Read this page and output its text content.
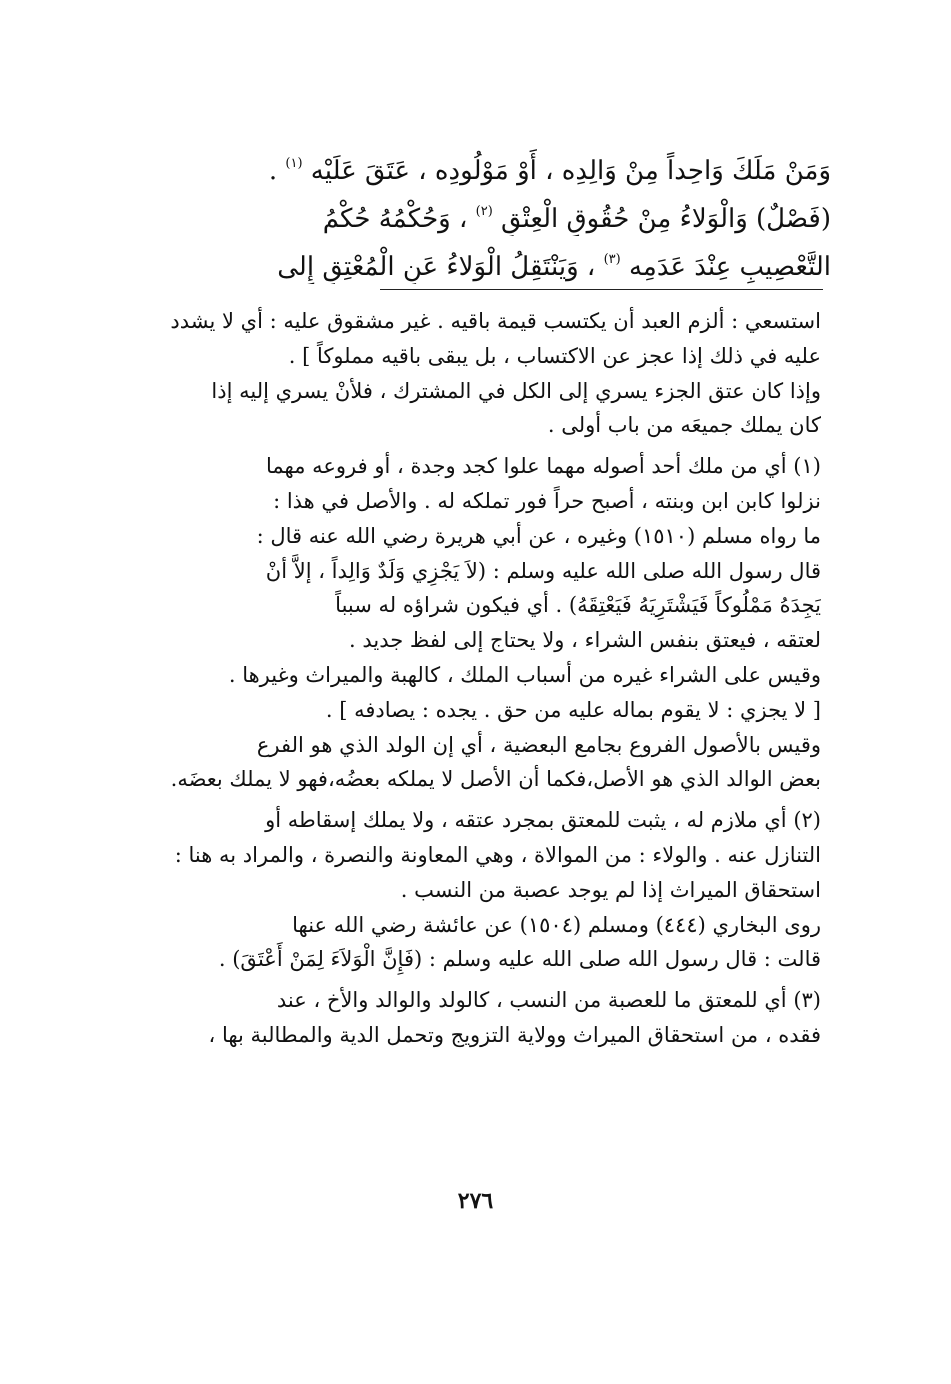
وَمَنْ مَلَكَ وَاحِداً مِنْ وَالِدِه ، أَوْ مَوْلُودِه ، عَتَقَ عَلَيْه $^{(١)}$ .
(فَصْلٌ) وَالْوَلاءُ مِنْ حُقُوقِ الْعِتْقِ $^{(٢)}$ ، وَحُكْمُهُ حُكْمُ
التَّعْصِيبِ عِنْدَ عَدَمِه $^{(٣)}$ ، وَيَنْتَقِلُ الْوَلاءُ عَنِ الْمُعْتِقِ إِلى
استسعي : ألزم العبد أن يكتسب قيمة باقيه . غير مشقوق عليه : أي لا يشدد
عليه في ذلك إذا عجز عن الاكتساب ، بل يبقى باقيه مملوكاً ] .
وإذا كان عتق الجزء يسري إلى الكل في المشترك ، فلأنْ يسري إليه إذا
كان يملك جميعَه من باب أولى .
(١) أي من ملك أحد أصوله مهما علوا كجد وجدة ، أو فروعه مهما
نزلوا كابن ابن وبنته ، أصبح حراً فور تملكه له . والأصل في هذا :
ما رواه مسلم (١٥١٠) وغيره ، عن أبي هريرة رضي الله عنه قال :
قال رسول الله صلى الله عليه وسلم : (لاَ يَجْزِي وَلَدٌ وَالِداً ، إلاَّ أنْ
يَجِدَهُ مَمْلُوكاً فَيَشْتَرِيَهُ فَيَعْتِقَهُ) . أي فيكون شراؤه له سبباً
لعتقه ، فيعتق بنفس الشراء ، ولا يحتاج إلى لفظ جديد .
وقيس على الشراء غيره من أسباب الملك ، كالهبة والميراث وغيرها .
[ لا يجزي : لا يقوم بماله عليه من حق . يجده : يصادفه ] .
وقيس بالأصول الفروع بجامع البعضية ، أي إن الولد الذي هو الفرع
بعض الوالد الذي هو الأصل،فكما أن الأصل لا يملكه بعضُه،فهو لا يملك بعضَه.
(٢) أي ملازم له ، يثبت للمعتق بمجرد عتقه ، ولا يملك إسقاطه أو
التنازل عنه . والولاء : من الموالاة ، وهي المعاونة والنصرة ، والمراد به هنا :
استحقاق الميراث إذا لم يوجد عصبة من النسب .
روى البخاري (٤٤٤) ومسلم (١٥٠٤) عن عائشة رضي الله عنها
قالت : قال رسول الله صلى الله عليه وسلم : (فَإِنَّ الْوَلاَءَ لِمَنْ أَعْتَقَ) .
(٣) أي للمعتق ما للعصبة من النسب ، كالولد والوالد والأخ ، عند
فقده ، من استحقاق الميراث وولاية التزويج وتحمل الدية والمطالبة بها ،
٢٧٦
